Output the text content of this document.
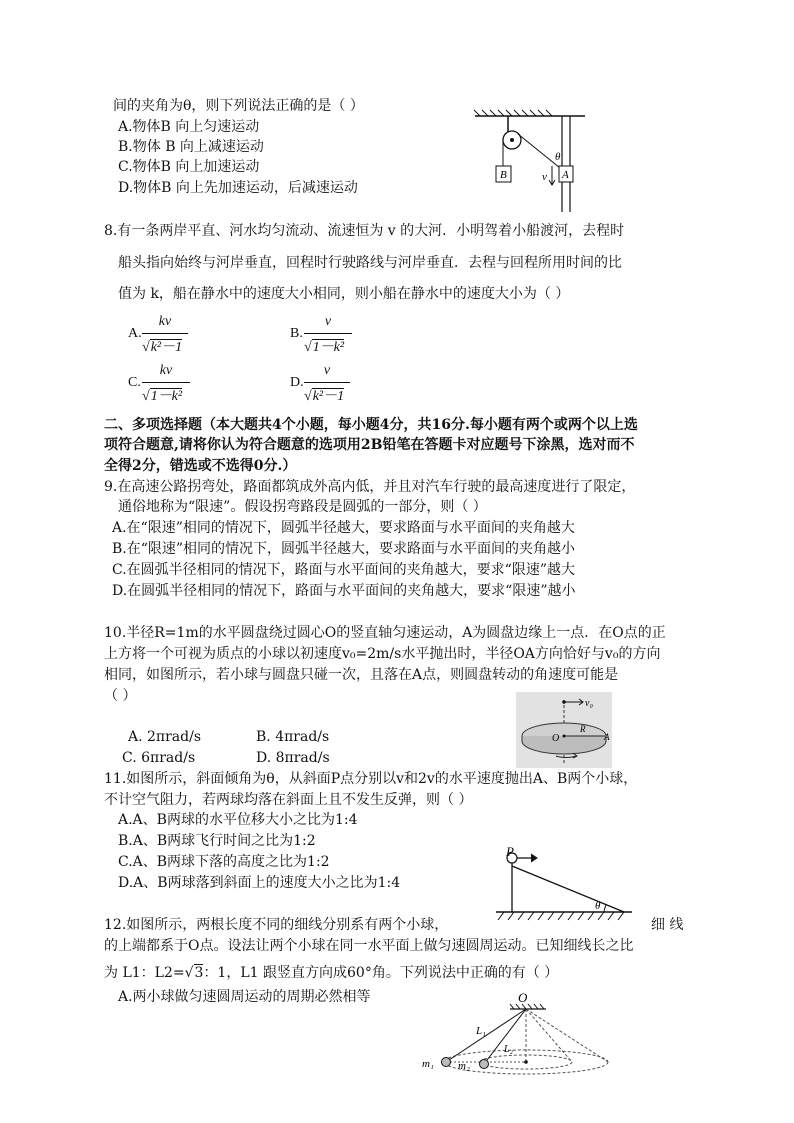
间的夹角为θ，则下列说法正确的是（ ）
A.物体B 向上匀速运动
B.物体 B 向上减速运动
C.物体B 向上加速运动
D.物体B 向上先加速运动，后减速运动
B	A
v
θ
8.有一条两岸平直、河水均匀流动、流速恒为 v 的大河．小明驾着小船渡河，去程时
船头指向始终与河岸垂直，回程时行驶路线与河岸垂直．去程与回程所用时间的比
值为 k，船在静水中的速度大小相同，则小船在静水中的速度大小为（ ）
A.
kv
√k²－1
B.
v
√1－k²
C.
kv
√1－k²
D.
v
√k²－1
二、多项选择题（本大题共4个小题，每小题4分，共16分.每小题有两个或两个以上选
项符合题意,请将你认为符合题意的选项用2B铅笔在答题卡对应题号下涂黑，选对而不
全得2分，错选或不选得0分.）
9.在高速公路拐弯处，路面都筑成外高内低，并且对汽车行驶的最高速度进行了限定，
通俗地称为“限速”。假设拐弯路段是圆弧的一部分，则（ ）
A.在“限速”相同的情况下，圆弧半径越大，要求路面与水平面间的夹角越大
B.在“限速”相同的情况下，圆弧半径越大，要求路面与水平面间的夹角越小
C.在圆弧半径相同的情况下，路面与水平面间的夹角越大，要求“限速”越大
D.在圆弧半径相同的情况下，路面与水平面间的夹角越大，要求“限速”越小
10.半径R=1m的水平圆盘绕过圆心O的竖直轴匀速运动，A为圆盘边缘上一点．在O点的正
上方将一个可视为质点的小球以初速度v₀=2m/s水平抛出时，半径OA方向恰好与v₀的方向
相同，如图所示，若小球与圆盘只碰一次，且落在A点，则圆盘转动的角速度可能是
（ ）
A. 2πrad/s	B. 4πrad/s
C. 6πrad/s	D. 8πrad/s
v₀
O
R
A
11.如图所示，斜面倾角为θ，从斜面P点分别以v和2v的水平速度抛出A、B两个小球，
不计空气阻力，若两球均落在斜面上且不发生反弹，则（ ）
A.A、B两球的水平位移大小之比为1:4
B.A、B两球飞行时间之比为1:2
C.A、B两球下落的高度之比为1:2
D.A、B两球落到斜面上的速度大小之比为1:4
P
θ
12.如图所示，两根长度不同的细线分别系有两个小球，	细 线
的上端都系于O点。设法让两个小球在同一水平面上做匀速圆周运动。已知细线长之比
为 L1：L2=√3：1，L1 跟竖直方向成60°角。下列说法中正确的有（ ）
A.两小球做匀速圆周运动的周期必然相等	O
L₁
L₂
m₁ m₂
